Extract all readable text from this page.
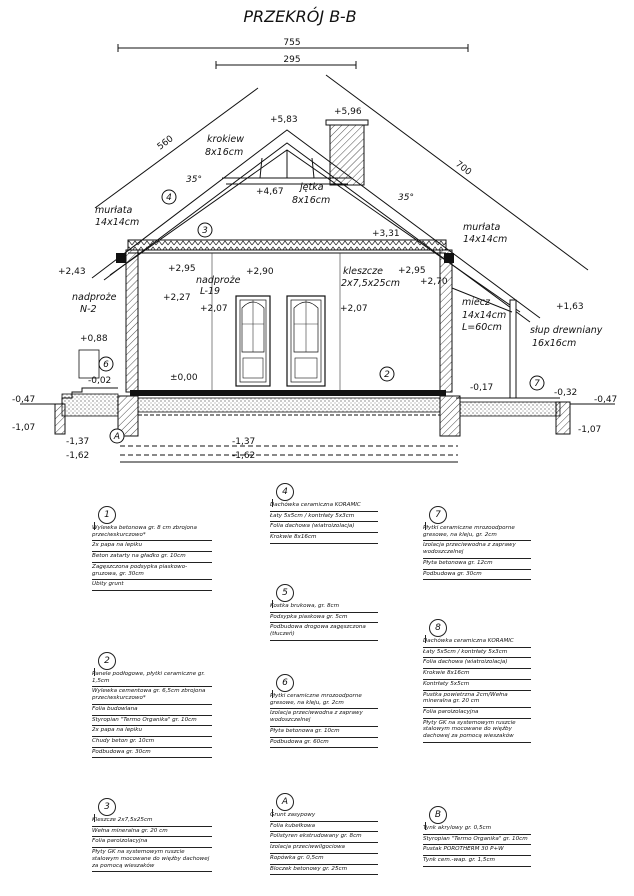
PRZEKRÓJ B-B
755
295
560
700
+5,83
+5,96
+4,67
+3,31
+2,95	+2,95
+2,43
+2,70
+2,27
+2,90
+2,07	+2,07	+1,63
+0,88
±0,00
-0,02
-0,17
-0,47	-0,47
-0,32
-1,07	-1,07
-1,37	-1,37
-1,62	-1,62
35°
35°
krokiew
8x16cm
jętka
8x16cm
murłata
14x14cm	murłata
14x14cm
kleszcze
2x7,5x25cm
nadproże
L-19
nadproże
N-2
miecz
14x14cm
L=60cm	słup drewniany
16x16cm
4
3
2
6
7
A
1
Wylewka betonowa gr. 8 cm zbrojona przeciwskurczowo*
2x papa na lepiku
Beton zatarty na gładko gr. 10cm
Zagęszczona podsypka piaskowo-gruzowa, gr. 30cm
Ubity grunt
2
Panele podłogowe, płytki ceramiczne gr. 1,5cm
Wylewka cementowa gr. 6,5cm zbrojona przeciwskurczowo*
Folia budowlana
Styropian "Termo Organika" gr. 10cm
2x papa na lepiku
Chudy beton gr. 10cm
Podbudowa gr. 30cm
3
Kleszcze 2x7,5x25cm
Wełna mineralna gr. 20 cm
Folia paroizolacyjna
Płyty GK na systemowym ruszcie stalowym mocowane do więźby dachowej za pomocą wieszaków
4
Dachówka ceramiczna KORAMIC
Łaty 5x5cm / kontrłaty 5x3cm
Folia dachowa (wiatroizolacja)
Krokwie 8x16cm
5
Kostka brukowa, gr. 8cm
Podsypka piaskowa gr. 5cm
Podbudowa drogowa zagęszczona (tłuczeń)
6
Płytki ceramiczne mrozoodporne gresowe, na kleju, gr. 2cm
Izolacja przeciwwodna z zaprawy wodoszczelnej
Płyta betonowa gr. 10cm
Podbudowa gr. 60cm
A
Grunt zasypowy
Folia kubełkowa
Polistyren ekstrudowany gr. 8cm
Izolacja przeciwwilgociowa
Ropówka gr. 0,5cm
Bloczek betonowy gr. 25cm
7
Płytki ceramiczne mrozoodporne gresowe, na kleju, gr. 2cm
Izolacja przeciwwodna z zaprawy wodoszczelnej
Płyta betonowa gr. 12cm
Podbudowa gr. 30cm
8
Dachówka ceramiczna KORAMIC
Łaty 5x5cm / kontrłaty 5x3cm
Folia dachowa (wiatroizolacja)
Krokwie 8x16cm
Kontrłaty 5x5cm
Pustka powietrzna 2cm/Wełna mineralna gr. 20 cm
Folia paroizolacyjna
Płyty GK na systemowym ruszcie stalowym mocowane do więźby dachowej za pomocą wieszaków
B
Tynk akrylowy gr. 0,5cm
Styropian "Termo Organika" gr. 10cm
Pustak POROTHERM 30 P+W
Tynk cem.-wap. gr. 1,5cm
